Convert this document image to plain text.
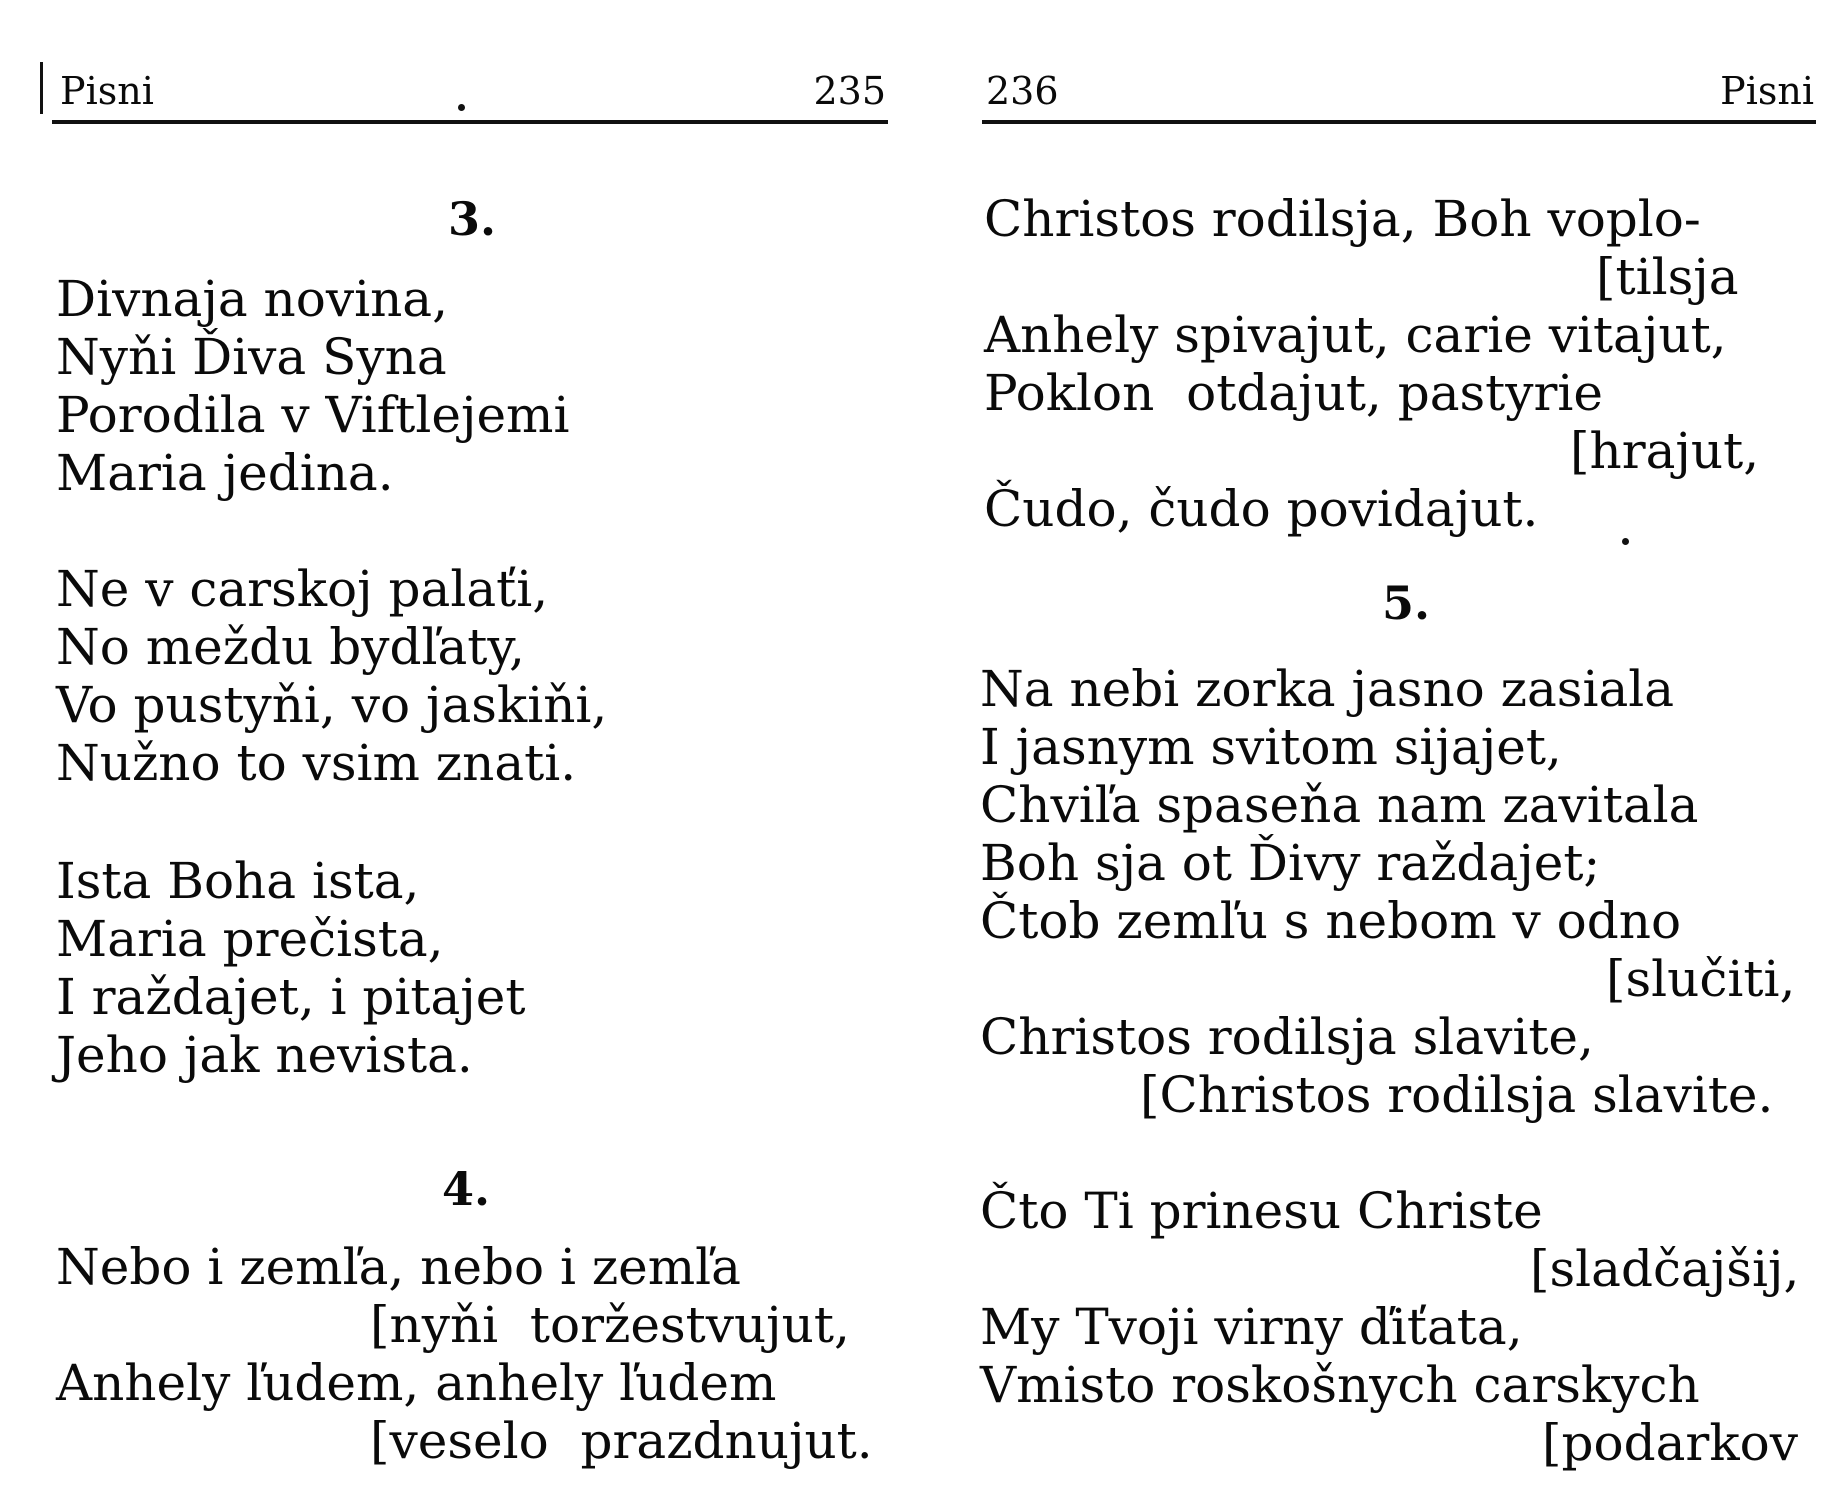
Pisni	235
3.
Divnaja novina,
Nyňi Ďiva Syna
Porodila v Viftlejemi
Maria jedina.
Ne v carskoj palaťi,
No meždu bydľaty,
Vo pustyňi, vo jaskiňi,
Nužno to vsim znati.
Ista Boha ista,
Maria prečista,
I raždajet, i pitajet
Jeho jak nevista.
4.
Nebo i zemľa, nebo i zemľa
[nyňi  toržestvujut,
Anhely ľudem, anhely ľudem
[veselo  prazdnujut.
236	Pisni
Christos rodilsja, Boh voplo-
[tilsja
Anhely spivajut, carie vitajut,
Poklon  otdajut, pastyrie
[hrajut,
Čudo, čudo povidajut.
5.
Na nebi zorka jasno zasiala
I jasnym svitom sijajet,
Chviľa spaseňa nam zavitala
Boh sja ot Ďivy raždajet;
Čtob zemľu s nebom v odno
[slučiti,
Christos rodilsja slavite,
[Christos rodilsja slavite.
Čto Ti prinesu Christe
[sladčajšij,
My Tvoji virny ďiťata,
Vmisto roskošnych carskych
[podarkov
